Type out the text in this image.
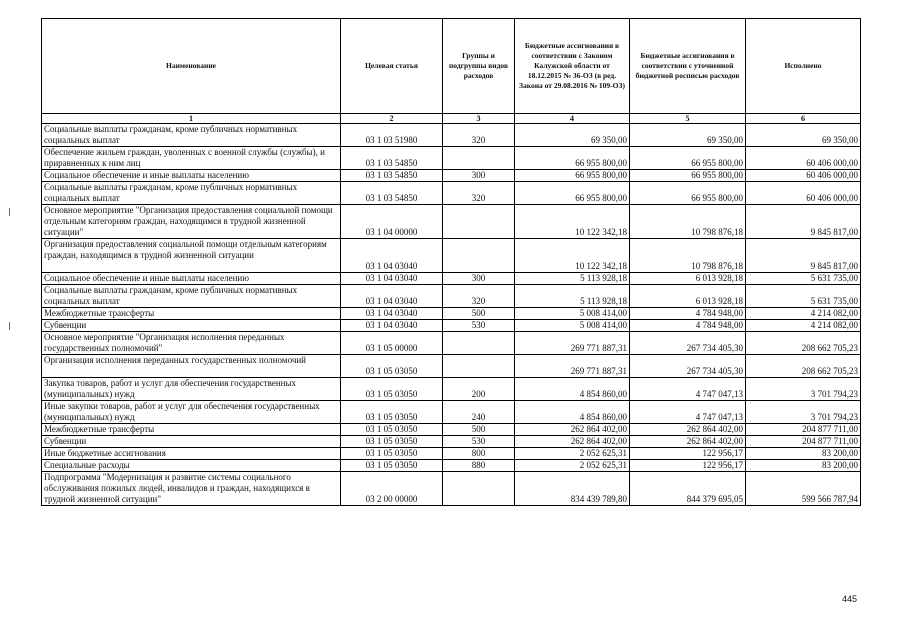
Наименование	Целевая статья	Группы и подгруппы видов расходов	Бюджетные ассигнования в соответствии с Законом Калужской области от 18.12.2015 № 36-ОЗ (в ред. Закона от 29.08.2016 № 109-ОЗ)	Бюджетные ассигнования в соответствии с уточненной бюджетной росписью расходов	Исполнено
1	2	3	4	5	6
Социальные выплаты гражданам, кроме публичных нормативных социальных выплат	03 1 03 51980	320	69 350,00	69 350,00	69 350,00
Обеспечение жильем граждан, уволенных с военной службы (службы), и приравненных к ним лиц	03 1 03 54850		66 955 800,00	66 955 800,00	60 406 000,00
Социальное обеспечение и иные выплаты населению	03 1 03 54850	300	66 955 800,00	66 955 800,00	60 406 000,00
Социальные выплаты гражданам, кроме публичных нормативных социальных выплат	03 1 03 54850	320	66 955 800,00	66 955 800,00	60 406 000,00
Основное мероприятие "Организация предоставления социальной помощи отдельным категориям граждан, находящимся в трудной жизненной ситуации"	03 1 04 00000		10 122 342,18	10 798 876,18	9 845 817,00
Организация предоставления социальной помощи отдельным категориям граждан, находящимся в трудной жизненной ситуации	03 1 04 03040		10 122 342,18	10 798 876,18	9 845 817,00
Социальное обеспечение и иные выплаты населению	03 1 04 03040	300	5 113 928,18	6 013 928,18	5 631 735,00
Социальные выплаты гражданам, кроме публичных нормативных социальных выплат	03 1 04 03040	320	5 113 928,18	6 013 928,18	5 631 735,00
Межбюджетные трансферты	03 1 04 03040	500	5 008 414,00	4 784 948,00	4 214 082,00
Субвенции	03 1 04 03040	530	5 008 414,00	4 784 948,00	4 214 082,00
Основное мероприятие "Организация исполнения переданных государственных полномочий"	03 1 05 00000		269 771 887,31	267 734 405,30	208 662 705,23
Организация исполнения переданных государственных полномочий	03 1 05 03050		269 771 887,31	267 734 405,30	208 662 705,23
Закупка товаров, работ и услуг для обеспечения государственных (муниципальных) нужд	03 1 05 03050	200	4 854 860,00	4 747 047,13	3 701 794,23
Иные закупки товаров, работ и услуг для обеспечения государственных (муниципальных) нужд	03 1 05 03050	240	4 854 860,00	4 747 047,13	3 701 794,23
Межбюджетные трансферты	03 1 05 03050	500	262 864 402,00	262 864 402,00	204 877 711,00
Субвенции	03 1 05 03050	530	262 864 402,00	262 864 402,00	204 877 711,00
Иные бюджетные ассигнования	03 1 05 03050	800	2 052 625,31	122 956,17	83 200,00
Специальные расходы	03 1 05 03050	880	2 052 625,31	122 956,17	83 200,00
Подпрограмма "Модернизация и развитие системы социального обслуживания пожилых людей, инвалидов и граждан, находящихся в трудной жизненной ситуации"	03 2 00 00000		834 439 789,80	844 379 695,05	599 566 787,94
445
